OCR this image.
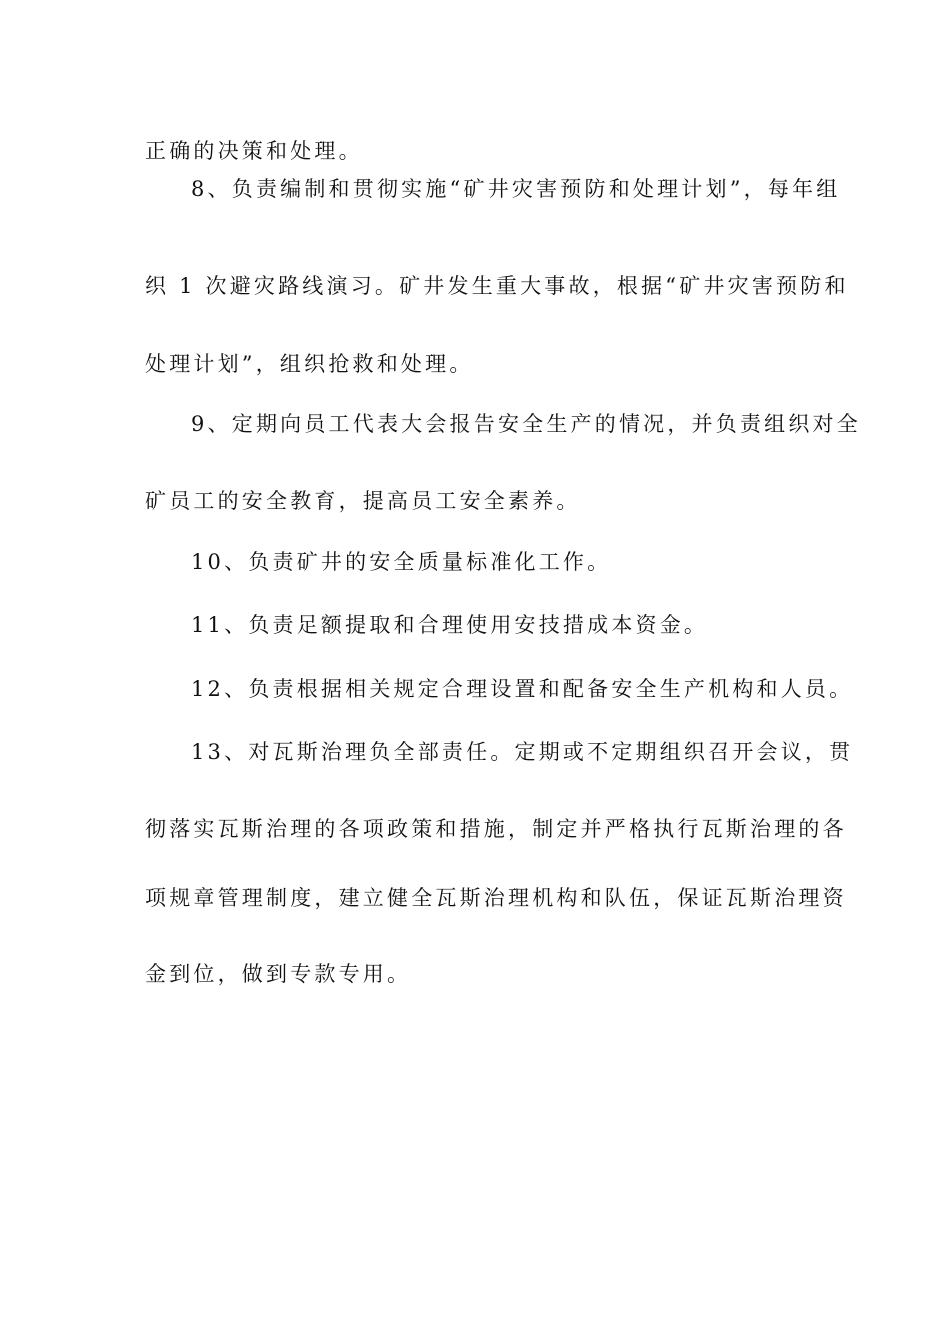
正确的决策和处理。
8、负责编制和贯彻实施“矿井灾害预防和处理计划”，每年组
织 1 次避灾路线演习。矿井发生重大事故，根据“矿井灾害预防和
处理计划”，组织抢救和处理。
9、定期向员工代表大会报告安全生产的情况，并负责组织对全
矿员工的安全教育，提高员工安全素养。
10、负责矿井的安全质量标准化工作。
11、负责足额提取和合理使用安技措成本资金。
12、负责根据相关规定合理设置和配备安全生产机构和人员。
13、对瓦斯治理负全部责任。定期或不定期组织召开会议，贯
彻落实瓦斯治理的各项政策和措施，制定并严格执行瓦斯治理的各
项规章管理制度，建立健全瓦斯治理机构和队伍，保证瓦斯治理资
金到位，做到专款专用。
